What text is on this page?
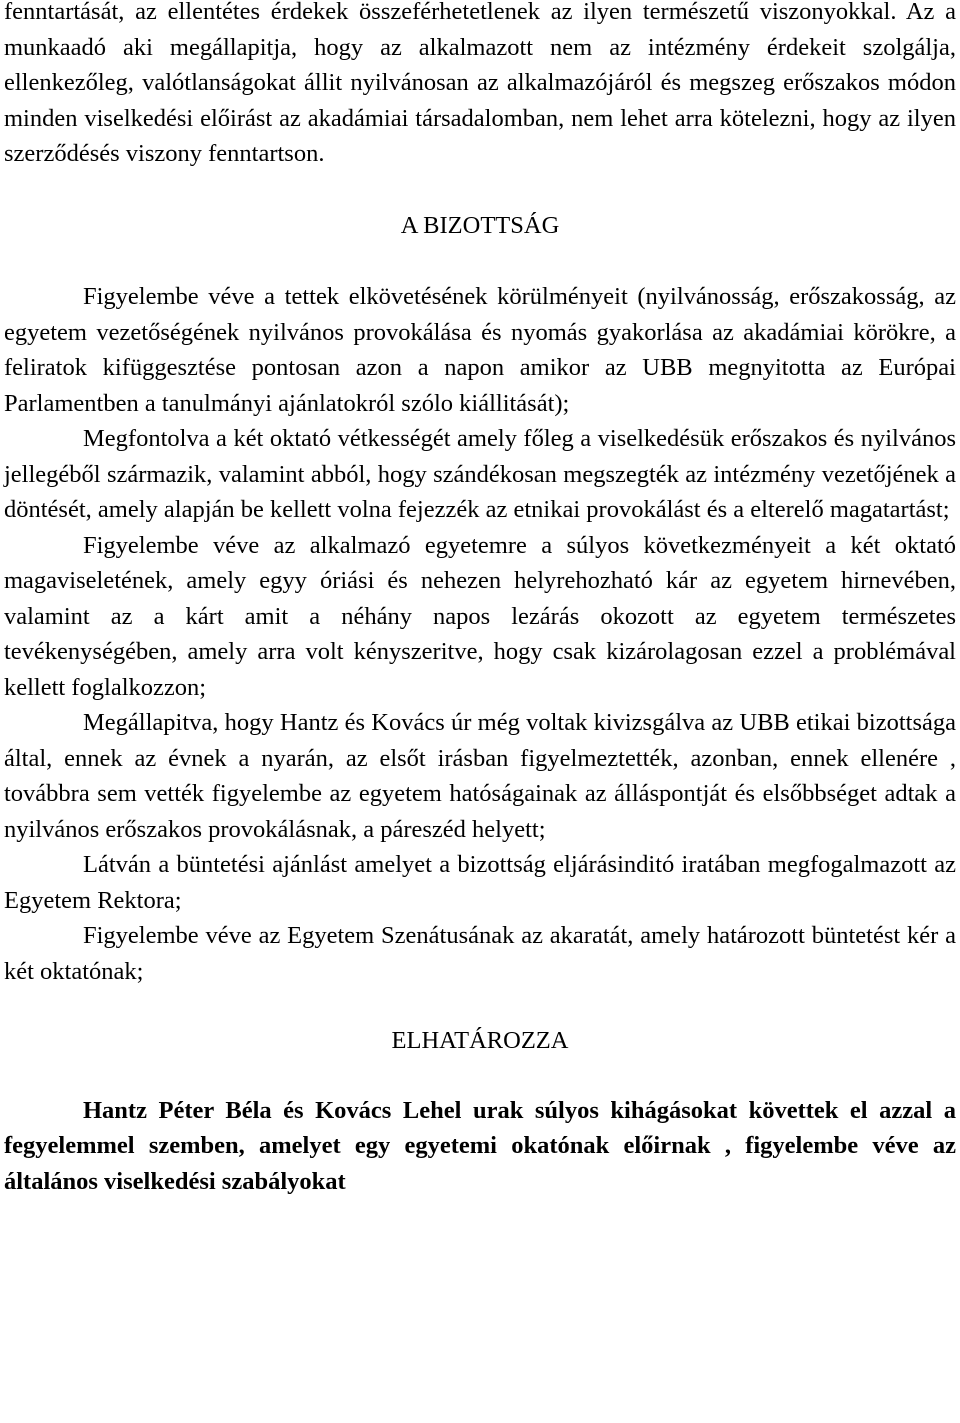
fenntartását, az ellentétes érdekek összeférhetetlenek az ilyen természetű viszonyokkal. Az a munkaadó aki megállapitja, hogy az alkalmazott nem az intézmény érdekeit szolgálja, ellenkezőleg, valótlanságokat állit nyilvánosan az alkalmazójáról és megszeg erőszakos módon minden viselkedési előirást az akadámiai társadalomban, nem lehet arra kötelezni, hogy az ilyen szerződésés viszony fenntartson.

A BIZOTTSÁG

Figyelembe véve a tettek elkövetésének körülményeit (nyilvánosság, erőszakosság, az egyetem vezetőségének nyilvános provokálása és nyomás gyakorlása az akadámiai körökre, a feliratok kifüggesztése pontosan azon a napon amikor az UBB megnyitotta az Európai Parlamentben a tanulmányi ajánlatokról szólo kiállitását);

Megfontolva a két oktató vétkességét amely főleg a viselkedésük erőszakos és nyilvános jellegéből származik, valamint abból, hogy szándékosan megszegték az intézmény vezetőjének a döntését, amely alapján be kellett volna fejezzék az etnikai provokálást és a elterelő magatartást;

Figyelembe véve az alkalmazó egyetemre a súlyos következményeit a két oktató magaviseletének, amely egyy óriási és nehezen helyrehozható kár az egyetem hirnevében, valamint az a kárt amit a néhány napos lezárás okozott az egyetem természetes tevékenységében, amely arra volt kényszeritve, hogy csak kizárolagosan ezzel a problémával kellett foglalkozzon;

Megállapitva, hogy Hantz és Kovács úr még voltak kivizsgálva az UBB etikai bizottsága által, ennek az évnek a nyarán, az elsőt irásban figyelmeztették, azonban, ennek ellenére , továbbra sem vették figyelembe az egyetem hatóságainak az álláspontját és elsőbbséget adtak a nyilvános erőszakos provokálásnak, a páreszéd helyett;

Látván a büntetési ajánlást amelyet a bizottság eljárásinditó iratában megfogalmazott az Egyetem Rektora;

Figyelembe véve az Egyetem Szenátusának az akaratát, amely határozott büntetést kér a két oktatónak;

ELHATÁROZZA

Hantz Péter Béla és Kovács Lehel urak súlyos kihágásokat követtek el azzal a fegyelemmel szemben, amelyet egy egyetemi okatónak előirnak , figyelembe véve az általános viselkedési szabályokat
